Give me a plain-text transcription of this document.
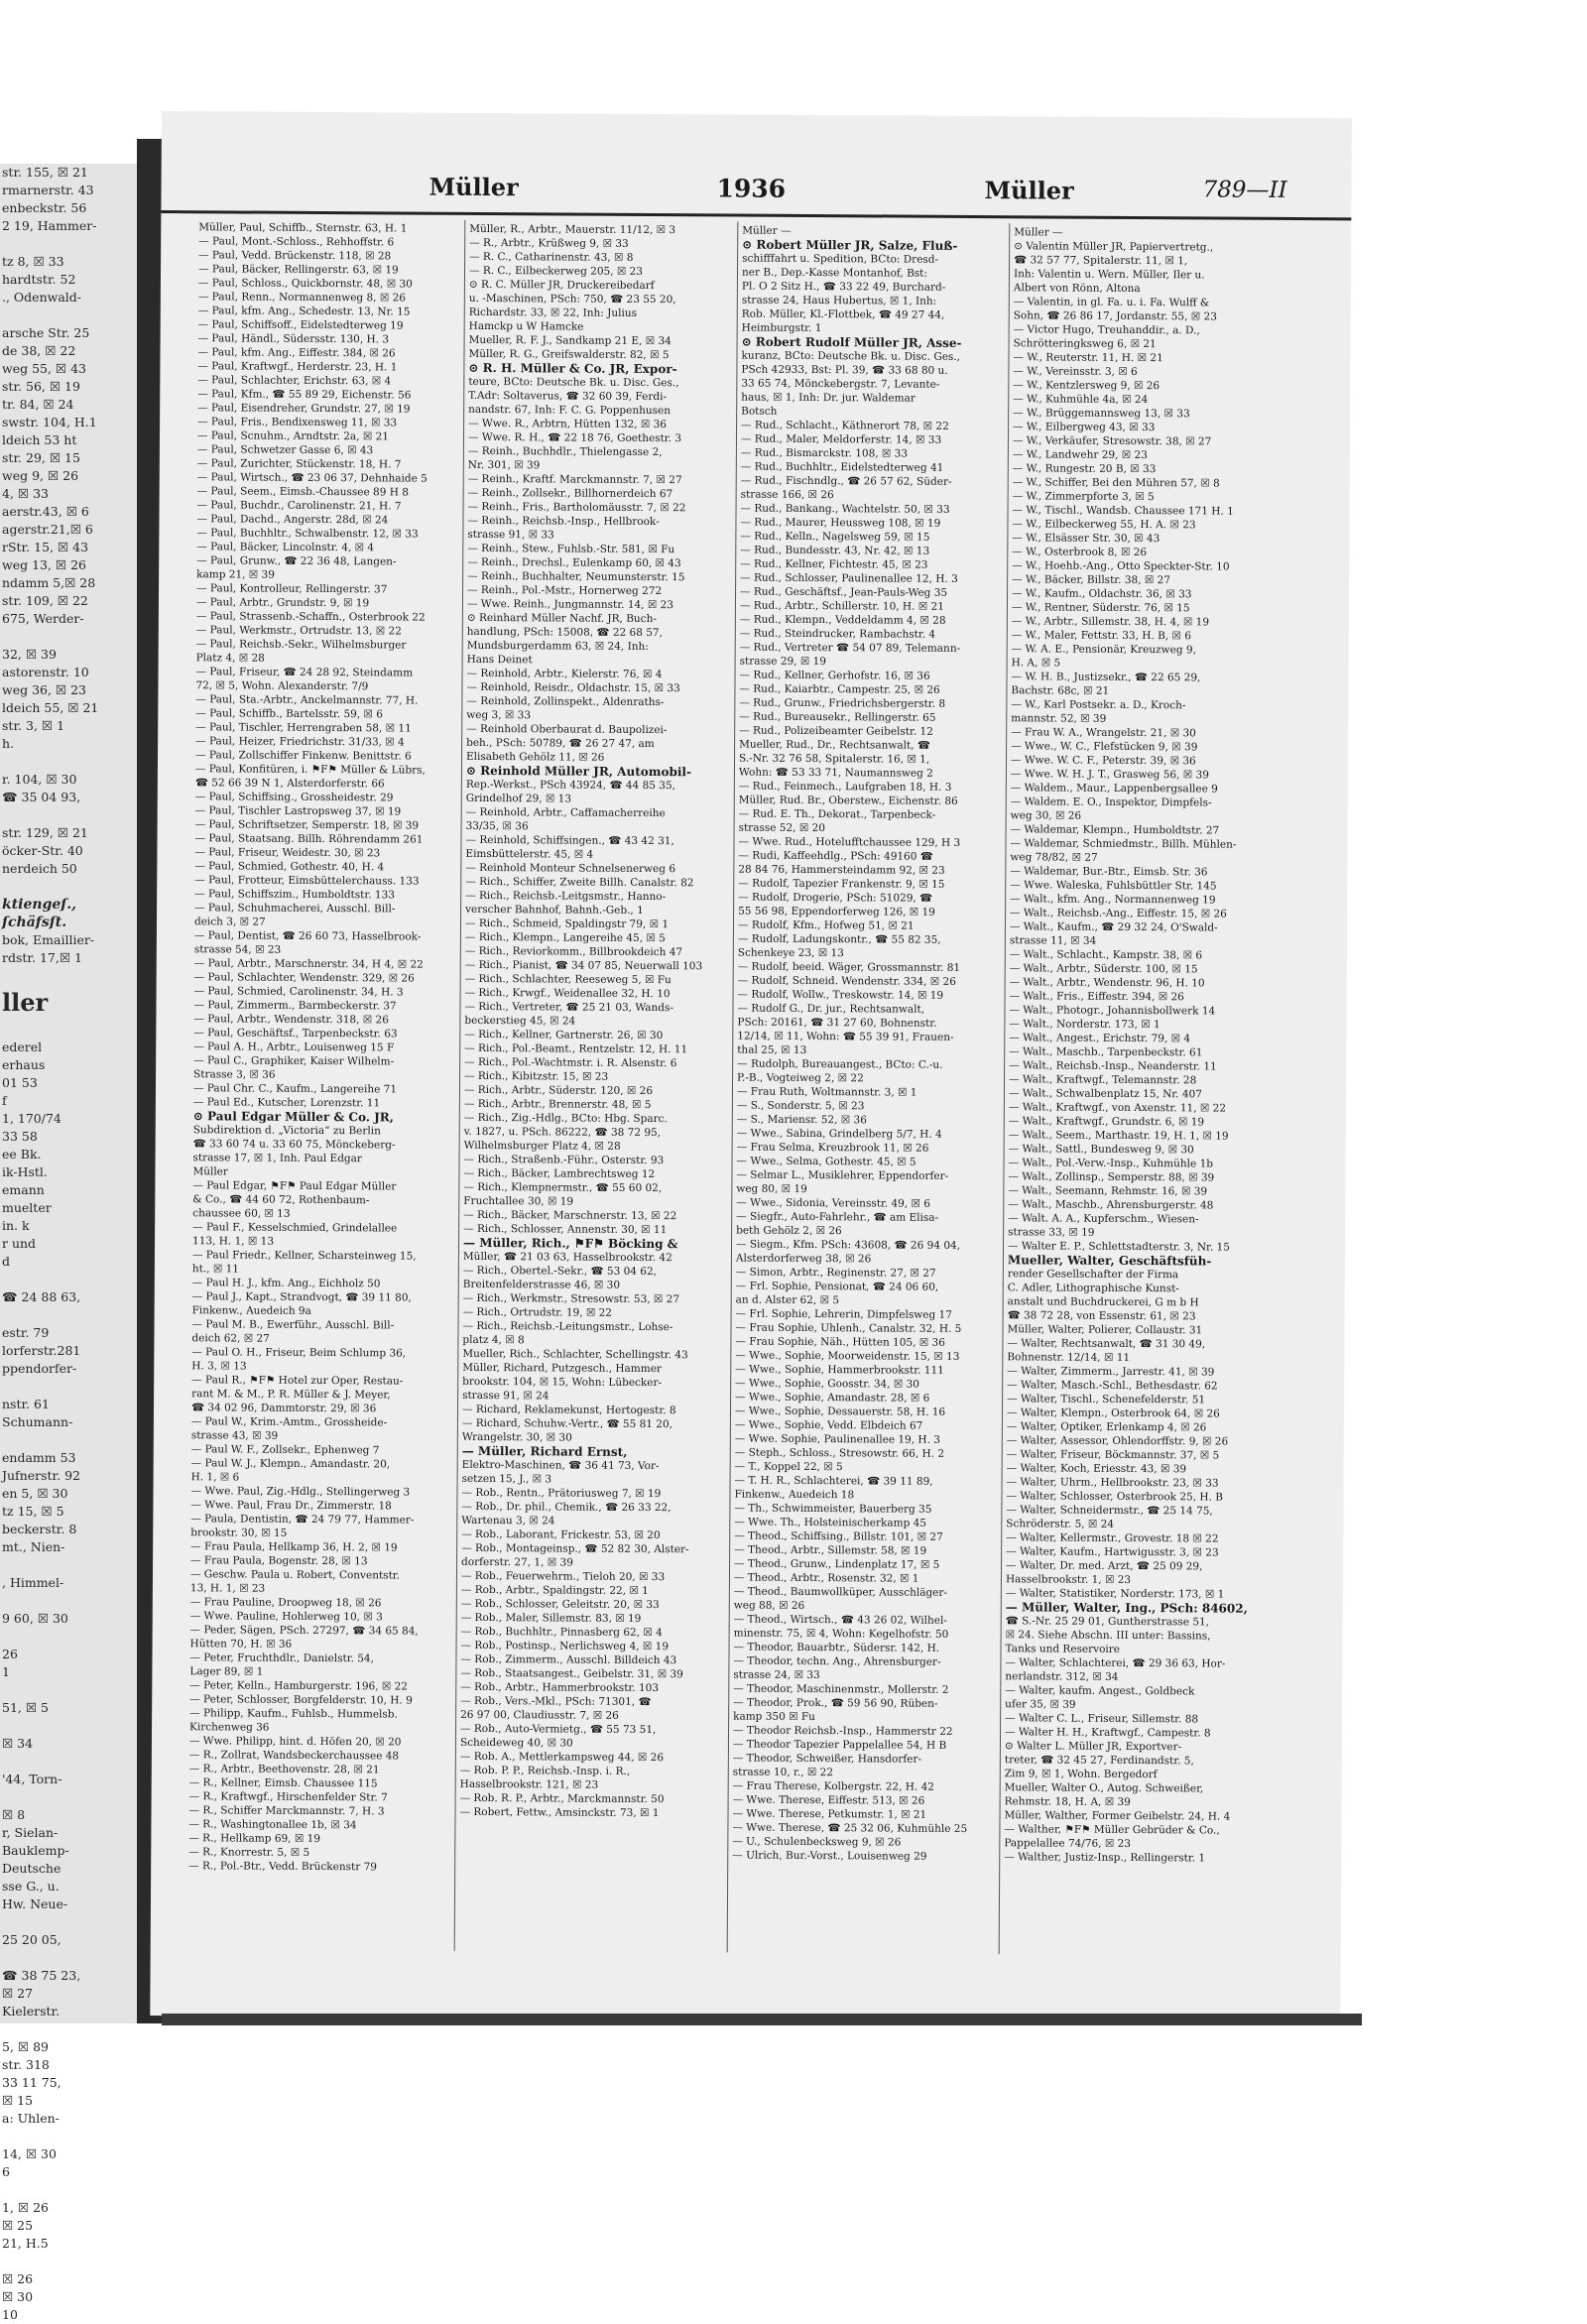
str. 155, ☒ 21
rmarnerstr. 43
enbeckstr. 56
2 19, Hammer-

tz 8, ☒ 33
hardtstr. 52
., Odenwald-

arsche Str. 25
de 38, ☒ 22
weg 55, ☒ 43
str. 56, ☒ 19
tr. 84, ☒ 24
swstr. 104, H.1
ldeich 53 ht
str. 29, ☒ 15
weg 9, ☒ 26
4, ☒ 33
aerstr.43, ☒ 6
agerstr.21,☒ 6
rStr. 15, ☒ 43
weg 13, ☒ 26
ndamm 5,☒ 28
str. 109, ☒ 22
675, Werder-

32, ☒ 39
astorenstr. 10
weg 36, ☒ 23
ldeich 55, ☒ 21
str. 3, ☒ 1
h.

r. 104, ☒ 30
☎ 35 04 93,

str. 129, ☒ 21
öcker-Str. 40
nerdeich 50

ktiengeſ.,
ſchäfsſt.
bok, Emaillier-
rdstr. 17,☒ 1

ller

ederel
erhaus
01 53
f
1, 170/74
33 58
ee Bk.
ik-Hstl.
emann
muelter
in. k
r und
d

☎ 24 88 63,

estr. 79
lorferstr.281
ppendorfer-

nstr. 61
Schumann-

endamm 53
Jufnerstr. 92
en 5, ☒ 30
tz 15, ☒ 5
beckerstr. 8
mt., Nien-

, Himmel-

9 60, ☒ 30

26
1

51, ☒ 5

☒ 34

'44, Torn-

☒ 8
r, Sielan-
Bauklemp-
Deutsche
sse G., u.
Hw. Neue-

25 20 05,

☎ 38 75 23,
☒ 27
Kielerstr.

5, ☒ 89
str. 318
33 11 75,
☒ 15
a: Uhlen-

14, ☒ 30
6

1, ☒ 26
☒ 25
21, H.5

☒ 26
☒ 30
10
Müller	1936	Müller	789—II
Müller, Paul, Schiffb., Sternstr. 63, H. 1
— Paul, Mont.-Schloss., Rehhoffstr. 6
— Paul, Vedd. Brückenstr. 118, ☒ 28
— Paul, Bäcker, Rellingerstr. 63, ☒ 19
— Paul, Schloss., Quickbornstr. 48, ☒ 30
— Paul, Renn., Normannenweg 8, ☒ 26
— Paul, kfm. Ang., Schedestr. 13, Nr. 15
— Paul, Schiffsoff., Eidelstedterweg 19
— Paul, Händl., Südersstr. 130, H. 3
— Paul, kfm. Ang., Eiffestr. 384, ☒ 26
— Paul, Kraftwgf., Herderstr. 23, H. 1
— Paul, Schlachter, Erichstr. 63, ☒ 4
— Paul, Kfm., ☎ 55 89 29, Eichenstr. 56
— Paul, Eisendreher, Grundstr. 27, ☒ 19
— Paul, Fris., Bendixensweg 11, ☒ 33
— Paul, Scnuhm., Arndtstr. 2a, ☒ 21
— Paul, Schwetzer Gasse 6, ☒ 43
— Paul, Zurichter, Stückenstr. 18, H. 7
— Paul, Wirtsch., ☎ 23 06 37, Dehnhaide 5
— Paul, Seem., Eimsb.-Chaussee 89 H 8
— Paul, Buchdr., Carolinenstr. 21, H. 7
— Paul, Dachd., Angerstr. 28d, ☒ 24
— Paul, Buchhltr., Schwalbenstr. 12, ☒ 33
— Paul, Bäcker, Lincolnstr. 4, ☒ 4
— Paul, Grunw., ☎ 22 36 48, Langen-
kamp 21, ☒ 39
— Paul, Kontrolleur, Rellingerstr. 37
— Paul, Arbtr., Grundstr. 9, ☒ 19
— Paul, Strassenb.-Schaffn., Osterbrook 22
— Paul, Werkmstr., Ortrudstr. 13, ☒ 22
— Paul, Reichsb.-Sekr., Wilhelmsburger
Platz 4, ☒ 28
— Paul, Friseur, ☎ 24 28 92, Steindamm
72, ☒ 5, Wohn. Alexanderstr. 7/9
— Paul, Sta.-Arbtr., Anckelmannstr. 77, H.
— Paul, Schiffb., Bartelsstr. 59, ☒ 6
— Paul, Tischler, Herrengraben 58, ☒ 11
— Paul, Heizer, Friedrichstr. 31/33, ☒ 4
— Paul, Zollschiffer Finkenw. Benittstr. 6
— Paul, Konfitüren, i. ⚑F⚑ Müller & Lübrs,
☎ 52 66 39 N 1, Alsterdorferstr. 66
— Paul, Schiffsing., Grossheidestr. 29
— Paul, Tischler Lastropsweg 37, ☒ 19
— Paul, Schriftsetzer, Semperstr. 18, ☒ 39
— Paul, Staatsang. Billh. Röhrendamm 261
— Paul, Friseur, Weidestr. 30, ☒ 23
— Paul, Schmied, Gothestr. 40, H. 4
— Paul, Frotteur, Eimsbüttelerchauss. 133
— Paul, Schiffszim., Humboldtstr. 133
— Paul, Schuhmacherei, Ausschl. Bill-
deich 3, ☒ 27
— Paul, Dentist, ☎ 26 60 73, Hasselbrook-
strasse 54, ☒ 23
— Paul, Arbtr., Marschnerstr. 34, H 4, ☒ 22
— Paul, Schlachter, Wendenstr. 329, ☒ 26
— Paul, Schmied, Carolinenstr. 34, H. 3
— Paul, Zimmerm., Barmbeckerstr. 37
— Paul, Arbtr., Wendenstr. 318, ☒ 26
— Paul, Geschäftsf., Tarpenbeckstr. 63
— Paul A. H., Arbtr., Louisenweg 15 F
— Paul C., Graphiker, Kaiser Wilhelm-
Strasse 3, ☒ 36
— Paul Chr. C., Kaufm., Langereihe 71
— Paul Ed., Kutscher, Lorenzstr. 11
⊙ Paul Edgar Müller & Co. JR,
Subdirektion d. „Victoria“ zu Berlin
☎ 33 60 74 u. 33 60 75, Mönckeberg-
strasse 17, ☒ 1, Inh. Paul Edgar
Müller
— Paul Edgar, ⚑F⚑ Paul Edgar Müller
& Co., ☎ 44 60 72, Rothenbaum-
chaussee 60, ☒ 13
— Paul F., Kesselschmied, Grindelallee
113, H. 1, ☒ 13
— Paul Friedr., Kellner, Scharsteinweg 15,
ht., ☒ 11
— Paul H. J., kfm. Ang., Eichholz 50
— Paul J., Kapt., Strandvogt, ☎ 39 11 80,
Finkenw., Auedeich 9a
— Paul M. B., Ewerführ., Ausschl. Bill-
deich 62, ☒ 27
— Paul O. H., Friseur, Beim Schlump 36,
H. 3, ☒ 13
— Paul R., ⚑F⚑ Hotel zur Oper, Restau-
rant M. & M., P. R. Müller & J. Meyer,
☎ 34 02 96, Dammtorstr. 29, ☒ 36
— Paul W., Krim.-Amtm., Grossheide-
strasse 43, ☒ 39
— Paul W. F., Zollsekr., Ephenweg 7
— Paul W. J., Klempn., Amandastr. 20,
H. 1, ☒ 6
— Wwe. Paul, Zig.-Hdlg., Stellingerweg 3
— Wwe. Paul, Frau Dr., Zimmerstr. 18
— Paula, Dentistin, ☎ 24 79 77, Hammer-
brookstr. 30, ☒ 15
— Frau Paula, Hellkamp 36, H. 2, ☒ 19
— Frau Paula, Bogenstr. 28, ☒ 13
— Geschw. Paula u. Robert, Conventstr.
13, H. 1, ☒ 23
— Frau Pauline, Droopweg 18, ☒ 26
— Wwe. Pauline, Hohlerweg 10, ☒ 3
— Peder, Sägen, PSch. 27297, ☎ 34 65 84,
Hütten 70, H. ☒ 36
— Peter, Fruchthdlr., Danielstr. 54,
Lager 89, ☒ 1
— Peter, Kelln., Hamburgerstr. 196, ☒ 22
— Peter, Schlosser, Borgfelderstr. 10, H. 9
— Philipp, Kaufm., Fuhlsb., Hummelsb.
Kirchenweg 36
— Wwe. Philipp, hint. d. Höfen 20, ☒ 20
— R., Zollrat, Wandsbeckerchaussee 48
— R., Arbtr., Beethovenstr. 28, ☒ 21
— R., Kellner, Eimsb. Chaussee 115
— R., Kraftwgf., Hirschenfelder Str. 7
— R., Schiffer Marckmannstr. 7, H. 3
— R., Washingtonallee 1b, ☒ 34
— R., Hellkamp 69, ☒ 19
— R., Knorrestr. 5, ☒ 5
— R., Pol.-Btr., Vedd. Brückenstr 79
Müller, R., Arbtr., Mauerstr. 11/12, ☒ 3
— R., Arbtr., Krüßweg 9, ☒ 33
— R. C., Catharinenstr. 43, ☒ 8
— R. C., Eilbeckerweg 205, ☒ 23
⊙ R. C. Müller JR, Druckereibedarf
u. -Maschinen, PSch: 750, ☎ 23 55 20,
Richardstr. 33, ☒ 22, Inh: Julius
Hamckp u W Hamcke
Mueller, R. F. J., Sandkamp 21 E, ☒ 34
Müller, R. G., Greifswalderstr. 82, ☒ 5
⊙ R. H. Müller & Co. JR, Expor-
teure, BCto: Deutsche Bk. u. Disc. Ges.,
T.Adr: Soltaverus, ☎ 32 60 39, Ferdi-
nandstr. 67, Inh: F. C. G. Poppenhusen
— Wwe. R., Arbtrn, Hütten 132, ☒ 36
— Wwe. R. H., ☎ 22 18 76, Goethestr. 3
— Reinh., Buchhdlr., Thielengasse 2,
Nr. 301, ☒ 39
— Reinh., Kraftf. Marckmannstr. 7, ☒ 27
— Reinh., Zollsekr., Billhornerdeich 67
— Reinh., Fris., Bartholomäusstr. 7, ☒ 22
— Reinh., Reichsb.-Insp., Hellbrook-
strasse 91, ☒ 33
— Reinh., Stew., Fuhlsb.-Str. 581, ☒ Fu
— Reinh., Drechsl., Eulenkamp 60, ☒ 43
— Reinh., Buchhalter, Neumunsterstr. 15
— Reinh., Pol.-Mstr., Hornerweg 272
— Wwe. Reinh., Jungmannstr. 14, ☒ 23
⊙ Reinhard Müller Nachf. JR, Buch-
handlung, PSch: 15008, ☎ 22 68 57,
Mundsburgerdamm 63, ☒ 24, Inh:
Hans Deinet
— Reinhold, Arbtr., Kielerstr. 76, ☒ 4
— Reinhold, Reisdr., Oldachstr. 15, ☒ 33
— Reinhold, Zollinspekt., Aldenraths-
weg 3, ☒ 33
— Reinhold Oberbaurat d. Baupolizei-
beh., PSch: 50789, ☎ 26 27 47, am
Elisabeth Gehölz 11, ☒ 26
⊙ Reinhold Müller JR, Automobil-
Rep.-Werkst., PSch 43924, ☎ 44 85 35,
Grindelhof 29, ☒ 13
— Reinhold, Arbtr., Caffamacherreihe
33/35, ☒ 36
— Reinhold, Schiffsingen., ☎ 43 42 31,
Eimsbüttelerstr. 45, ☒ 4
— Reinhold Monteur Schnelsenerweg 6
— Rich., Schiffer, Zweite Billh. Canalstr. 82
— Rich., Reichsb.-Leitgsmstr., Hanno-
verscher Bahnhof, Bahnh.-Geb., 1
— Rich., Schmeid, Spaldingstr 79, ☒ 1
— Rich., Klempn., Langereihe 45, ☒ 5
— Rich., Reviorkomm., Billbrookdeich 47
— Rich., Pianist, ☎ 34 07 85, Neuerwall 103
— Rich., Schlachter, Reeseweg 5, ☒ Fu
— Rich., Krwgf., Weidenallee 32, H. 10
— Rich., Vertreter, ☎ 25 21 03, Wands-
beckerstieg 45, ☒ 24
— Rich., Kellner, Gartnerstr. 26, ☒ 30
— Rich., Pol.-Beamt., Rentzelstr. 12, H. 11
— Rich., Pol.-Wachtmstr. i. R. Alsenstr. 6
— Rich., Kibitzstr. 15, ☒ 23
— Rich., Arbtr., Süderstr. 120, ☒ 26
— Rich., Arbtr., Brennerstr. 48, ☒ 5
— Rich., Zig.-Hdlg., BCto: Hbg. Sparc.
v. 1827, u. PSch. 86222, ☎ 38 72 95,
Wilhelmsburger Platz 4, ☒ 28
— Rich., Straßenb.-Führ., Osterstr. 93
— Rich., Bäcker, Lambrechtsweg 12
— Rich., Klempnermstr., ☎ 55 60 02,
Fruchtallee 30, ☒ 19
— Rich., Bäcker, Marschnerstr. 13, ☒ 22
— Rich., Schlosser, Annenstr. 30, ☒ 11
— Müller, Rich., ⚑F⚑ Böcking &
Müller, ☎ 21 03 63, Hasselbrookstr. 42
— Rich., Obertel.-Sekr., ☎ 53 04 62,
Breitenfelderstrasse 46, ☒ 30
— Rich., Werkmstr., Stresowstr. 53, ☒ 27
— Rich., Ortrudstr. 19, ☒ 22
— Rich., Reichsb.-Leitungsmstr., Lohse-
platz 4, ☒ 8
Mueller, Rich., Schlachter, Schellingstr. 43
Müller, Richard, Putzgesch., Hammer
brookstr. 104, ☒ 15, Wohn: Lübecker-
strasse 91, ☒ 24
— Richard, Reklamekunst, Hertogestr. 8
— Richard, Schuhw.-Vertr., ☎ 55 81 20,
Wrangelstr. 30, ☒ 30
— Müller, Richard Ernst,
Elektro-Maschinen, ☎ 36 41 73, Vor-
setzen 15, J., ☒ 3
— Rob., Rentn., Prätoriusweg 7, ☒ 19
— Rob., Dr. phil., Chemik., ☎ 26 33 22,
Wartenau 3, ☒ 24
— Rob., Laborant, Frickestr. 53, ☒ 20
— Rob., Montageinsp., ☎ 52 82 30, Alster-
dorferstr. 27, 1, ☒ 39
— Rob., Feuerwehrm., Tieloh 20, ☒ 33
— Rob., Arbtr., Spaldingstr. 22, ☒ 1
— Rob., Schlosser, Geleitstr. 20, ☒ 33
— Rob., Maler, Sillemstr. 83, ☒ 19
— Rob., Buchhltr., Pinnasberg 62, ☒ 4
— Rob., Postinsp., Nerlichsweg 4, ☒ 19
— Rob., Zimmerm., Ausschl. Billdeich 43
— Rob., Staatsangest., Geibelstr. 31, ☒ 39
— Rob., Arbtr., Hammerbrookstr. 103
— Rob., Vers.-Mkl., PSch: 71301, ☎
26 97 00, Claudiusstr. 7, ☒ 26
— Rob., Auto-Vermietg., ☎ 55 73 51,
Scheideweg 40, ☒ 30
— Rob. A., Mettlerkampsweg 44, ☒ 26
— Rob. P. P., Reichsb.-Insp. i. R.,
Hasselbrookstr. 121, ☒ 23
— Rob. R. P., Arbtr., Marckmannstr. 50
— Robert, Fettw., Amsinckstr. 73, ☒ 1
Müller —
⊙ Robert Müller JR, Salze, Fluß-
schifffahrt u. Spedition, BCto: Dresd-
ner B., Dep.-Kasse Montanhof, Bst:
Pl. O 2 Sitz H., ☎ 33 22 49, Burchard-
strasse 24, Haus Hubertus, ☒ 1, Inh:
Rob. Müller, Kl.-Flottbek, ☎ 49 27 44,
Heimburgstr. 1
⊙ Robert Rudolf Müller JR, Asse-
kuranz, BCto: Deutsche Bk. u. Disc. Ges.,
PSch 42933, Bst: Pl. 39, ☎ 33 68 80 u.
33 65 74, Mönckebergstr. 7, Levante-
haus, ☒ 1, Inh: Dr. jur. Waldemar
Botsch
— Rud., Schlacht., Käthnerort 78, ☒ 22
— Rud., Maler, Meldorferstr. 14, ☒ 33
— Rud., Bismarckstr. 108, ☒ 33
— Rud., Buchhltr., Eidelstedterweg 41
— Rud., Fischndlg., ☎ 26 57 62, Süder-
strasse 166, ☒ 26
— Rud., Bankang., Wachtelstr. 50, ☒ 33
— Rud., Maurer, Heussweg 108, ☒ 19
— Rud., Kelln., Nagelsweg 59, ☒ 15
— Rud., Bundesstr. 43, Nr. 42, ☒ 13
— Rud., Kellner, Fichtestr. 45, ☒ 23
— Rud., Schlosser, Paulinenallee 12, H. 3
— Rud., Geschäftsf., Jean-Pauls-Weg 35
— Rud., Arbtr., Schillerstr. 10, H. ☒ 21
— Rud., Klempn., Veddeldamm 4, ☒ 28
— Rud., Steindrucker, Rambachstr. 4
— Rud., Vertreter ☎ 54 07 89, Telemann-
strasse 29, ☒ 19
— Rud., Kellner, Gerhofstr. 16, ☒ 36
— Rud., Kaiarbtr., Campestr. 25, ☒ 26
— Rud., Grunw., Friedrichsbergerstr. 8
— Rud., Bureausekr., Rellingerstr. 65
— Rud., Polizeibeamter Geibelstr. 12
Mueller, Rud., Dr., Rechtsanwalt, ☎
S.-Nr. 32 76 58, Spitalerstr. 16, ☒ 1,
Wohn: ☎ 53 33 71, Naumannsweg 2
— Rud., Feinmech., Laufgraben 18, H. 3
Müller, Rud. Br., Oberstew., Eichenstr. 86
— Rud. E. Th., Dekorat., Tarpenbeck-
strasse 52, ☒ 20
— Wwe. Rud., Hotelufftchaussee 129, H 3
— Rudi, Kaffeehdlg., PSch: 49160 ☎
28 84 76, Hammersteindamm 92, ☒ 23
— Rudolf, Tapezier Frankenstr. 9, ☒ 15
— Rudolf, Drogerie, PSch: 51029, ☎
55 56 98, Eppendorferweg 126, ☒ 19
— Rudolf, Kfm., Hofweg 51, ☒ 21
— Rudolf, Ladungskontr., ☎ 55 82 35,
Schenkeye 23, ☒ 13
— Rudolf, beeid. Wäger, Grossmannstr. 81
— Rudolf, Schneid. Wendenstr. 334, ☒ 26
— Rudolf, Wollw., Treskowstr. 14, ☒ 19
— Rudolf G., Dr. jur., Rechtsanwalt,
PSch: 20161, ☎ 31 27 60, Bohnenstr.
12/14, ☒ 11, Wohn: ☎ 55 39 91, Frauen-
thal 25, ☒ 13
— Rudolph, Bureauangest., BCto: C.-u.
P.-B., Vogteiweg 2, ☒ 22
— Frau Ruth, Woltmannstr. 3, ☒ 1
— S., Sonderstr. 5, ☒ 23
— S., Mariensr. 52, ☒ 36
— Wwe., Sabina, Grindelberg 5/7, H. 4
— Frau Selma, Kreuzbrook 11, ☒ 26
— Wwe., Selma, Gothestr. 45, ☒ 5
— Selmar L., Musiklehrer, Eppendorfer-
weg 80, ☒ 19
— Wwe., Sidonia, Vereinsstr. 49, ☒ 6
— Siegfr., Auto-Fahrlehr., ☎ am Elisa-
beth Gehölz 2, ☒ 26
— Siegm., Kfm. PSch: 43608, ☎ 26 94 04,
Alsterdorferweg 38, ☒ 26
— Simon, Arbtr., Reginenstr. 27, ☒ 27
— Frl. Sophie, Pensionat, ☎ 24 06 60,
an d. Alster 62, ☒ 5
— Frl. Sophie, Lehrerin, Dimpfelsweg 17
— Frau Sophie, Uhlenh., Canalstr. 32, H. 5
— Frau Sophie, Näh., Hütten 105, ☒ 36
— Wwe., Sophie, Moorweidenstr. 15, ☒ 13
— Wwe., Sophie, Hammerbrookstr. 111
— Wwe., Sophie, Goosstr. 34, ☒ 30
— Wwe., Sophie, Amandastr. 28, ☒ 6
— Wwe., Sophie, Dessauerstr. 58, H. 16
— Wwe., Sophie, Vedd. Elbdeich 67
— Wwe. Sophie, Paulinenallee 19, H. 3
— Steph., Schloss., Stresowstr. 66, H. 2
— T., Koppel 22, ☒ 5
— T. H. R., Schlachterei, ☎ 39 11 89,
Finkenw., Auedeich 18
— Th., Schwimmeister, Bauerberg 35
— Wwe. Th., Holsteinischerkamp 45
— Theod., Schiffsing., Billstr. 101, ☒ 27
— Theod., Arbtr., Sillemstr. 58, ☒ 19
— Theod., Grunw., Lindenplatz 17, ☒ 5
— Theod., Arbtr., Rosenstr. 32, ☒ 1
— Theod., Baumwollküper, Ausschläger-
weg 88, ☒ 26
— Theod., Wirtsch., ☎ 43 26 02, Wilhel-
minenstr. 75, ☒ 4, Wohn: Kegelhofstr. 50
— Theodor, Bauarbtr., Südersr. 142, H.
— Theodor, techn. Ang., Ahrensburger-
strasse 24, ☒ 33
— Theodor, Maschinenmstr., Mollerstr. 2
— Theodor, Prok., ☎ 59 56 90, Rüben-
kamp 350 ☒ Fu
— Theodor Reichsb.-Insp., Hammerstr 22
— Theodor Tapezier Pappelallee 54, H B
— Theodor, Schweißer, Hansdorfer-
strasse 10, r., ☒ 22
— Frau Therese, Kolbergstr. 22, H. 42
— Wwe. Therese, Eiffestr. 513, ☒ 26
— Wwe. Therese, Petkumstr. 1, ☒ 21
— Wwe. Therese, ☎ 25 32 06, Kuhmühle 25
— U., Schulenbecksweg 9, ☒ 26
— Ulrich, Bur.-Vorst., Louisenweg 29
Müller —
⊙ Valentin Müller JR, Papiervertretg.,
☎ 32 57 77, Spitalerstr. 11, ☒ 1,
Inh: Valentin u. Wern. Müller, Iler u.
Albert von Rönn, Altona
— Valentin, in gl. Fa. u. i. Fa. Wulff &
Sohn, ☎ 26 86 17, Jordanstr. 55, ☒ 23
— Victor Hugo, Treuhanddir., a. D.,
Schrötteringksweg 6, ☒ 21
— W., Reuterstr. 11, H. ☒ 21
— W., Vereinsstr. 3, ☒ 6
— W., Kentzlersweg 9, ☒ 26
— W., Kuhmühle 4a, ☒ 24
— W., Brüggemannsweg 13, ☒ 33
— W., Eilbergweg 43, ☒ 33
— W., Verkäufer, Stresowstr. 38, ☒ 27
— W., Landwehr 29, ☒ 23
— W., Rungestr. 20 B, ☒ 33
— W., Schiffer, Bei den Mühren 57, ☒ 8
— W., Zimmerpforte 3, ☒ 5
— W., Tischl., Wandsb. Chaussee 171 H. 1
— W., Eilbeckerweg 55, H. A. ☒ 23
— W., Elsässer Str. 30, ☒ 43
— W., Osterbrook 8, ☒ 26
— W., Hoehb.-Ang., Otto Speckter-Str. 10
— W., Bäcker, Billstr. 38, ☒ 27
— W., Kaufm., Oldachstr. 36, ☒ 33
— W., Rentner, Süderstr. 76, ☒ 15
— W., Arbtr., Sillemstr. 38, H. 4, ☒ 19
— W., Maler, Fettstr. 33, H. B, ☒ 6
— W. A. E., Pensionär, Kreuzweg 9,
H. A, ☒ 5
— W. H. B., Justizsekr., ☎ 22 65 29,
Bachstr. 68c, ☒ 21
— W., Karl Postsekr. a. D., Kroch-
mannstr. 52, ☒ 39
— Frau W. A., Wrangelstr. 21, ☒ 30
— Wwe., W. C., Flefstücken 9, ☒ 39
— Wwe. W. C. F., Peterstr. 39, ☒ 36
— Wwe. W. H. J. T., Grasweg 56, ☒ 39
— Waldem., Maur., Lappenbergsallee 9
— Waldem. E. O., Inspektor, Dimpfels-
weg 30, ☒ 26
— Waldemar, Klempn., Humboldtstr. 27
— Waldemar, Schmiedmstr., Billh. Mühlen-
weg 78/82, ☒ 27
— Waldemar, Bur.-Btr., Eimsb. Str. 36
— Wwe. Waleska, Fuhlsbüttler Str. 145
— Walt., kfm. Ang., Normannenweg 19
— Walt., Reichsb.-Ang., Eiffestr. 15, ☒ 26
— Walt., Kaufm., ☎ 29 32 24, O'Swald-
strasse 11, ☒ 34
— Walt., Schlacht., Kampstr. 38, ☒ 6
— Walt., Arbtr., Süderstr. 100, ☒ 15
— Walt., Arbtr., Wendenstr. 96, H. 10
— Walt., Fris., Eiffestr. 394, ☒ 26
— Walt., Photogr., Johannisbollwerk 14
— Walt., Norderstr. 173, ☒ 1
— Walt., Angest., Erichstr. 79, ☒ 4
— Walt., Maschb., Tarpenbeckstr. 61
— Walt., Reichsb.-Insp., Neanderstr. 11
— Walt., Kraftwgf., Telemannstr. 28
— Walt., Schwalbenplatz 15, Nr. 407
— Walt., Kraftwgf., von Axenstr. 11, ☒ 22
— Walt., Kraftwgf., Grundstr. 6, ☒ 19
— Walt., Seem., Marthastr. 19, H. 1, ☒ 19
— Walt., Sattl., Bundesweg 9, ☒ 30
— Walt., Pol.-Verw.-Insp., Kuhmühle 1b
— Walt., Zollinsp., Semperstr. 88, ☒ 39
— Walt., Seemann, Rehmstr. 16, ☒ 39
— Walt., Maschb., Ahrensburgerstr. 48
— Walt. A. A., Kupferschm., Wiesen-
strasse 33, ☒ 19
— Walter E. P., Schlettstadterstr. 3, Nr. 15
Mueller, Walter, Geschäftsfüh-
render Gesellschafter der Firma
C. Adler, Lithographische Kunst-
anstalt und Buchdruckerei, G m b H
☎ 38 72 28, von Essenstr. 61, ☒ 23
Müller, Walter, Polierer, Collaustr. 31
— Walter, Rechtsanwalt, ☎ 31 30 49,
Bohnenstr. 12/14, ☒ 11
— Walter, Zimmerm., Jarrestr. 41, ☒ 39
— Walter, Masch.-Schl., Bethesdastr. 62
— Walter, Tischl., Schenefelderstr. 51
— Walter, Klempn., Osterbrook 64, ☒ 26
— Walter, Optiker, Erlenkamp 4, ☒ 26
— Walter, Assessor, Ohlendorffstr. 9, ☒ 26
— Walter, Friseur, Böckmannstr. 37, ☒ 5
— Walter, Koch, Eriesstr. 43, ☒ 39
— Walter, Uhrm., Hellbrookstr. 23, ☒ 33
— Walter, Schlosser, Osterbrook 25, H. B
— Walter, Schneidermstr., ☎ 25 14 75,
Schröderstr. 5, ☒ 24
— Walter, Kellermstr., Grovestr. 18 ☒ 22
— Walter, Kaufm., Hartwigusstr. 3, ☒ 23
— Walter, Dr. med. Arzt, ☎ 25 09 29,
Hasselbrookstr. 1, ☒ 23
— Walter, Statistiker, Norderstr. 173, ☒ 1
— Müller, Walter, Ing., PSch: 84602,
☎ S.-Nr. 25 29 01, Guntherstrasse 51,
☒ 24. Siehe Abschn. III unter: Bassins,
Tanks und Reservoire
— Walter, Schlachterei, ☎ 29 36 63, Hor-
nerlandstr. 312, ☒ 34
— Walter, kaufm. Angest., Goldbeck
ufer 35, ☒ 39
— Walter C. L., Friseur, Sillemstr. 88
— Walter H. H., Kraftwgf., Campestr. 8
⊙ Walter L. Müller JR, Exportver-
treter, ☎ 32 45 27, Ferdinandstr. 5,
Zim 9, ☒ 1, Wohn. Bergedorf
Mueller, Walter O., Autog. Schweißer,
Rehmstr. 18, H. A, ☒ 39
Müller, Walther, Former Geibelstr. 24, H. 4
— Walther, ⚑F⚑ Müller Gebrüder & Co.,
Pappelallee 74/76, ☒ 23
— Walther, Justiz-Insp., Rellingerstr. 1
